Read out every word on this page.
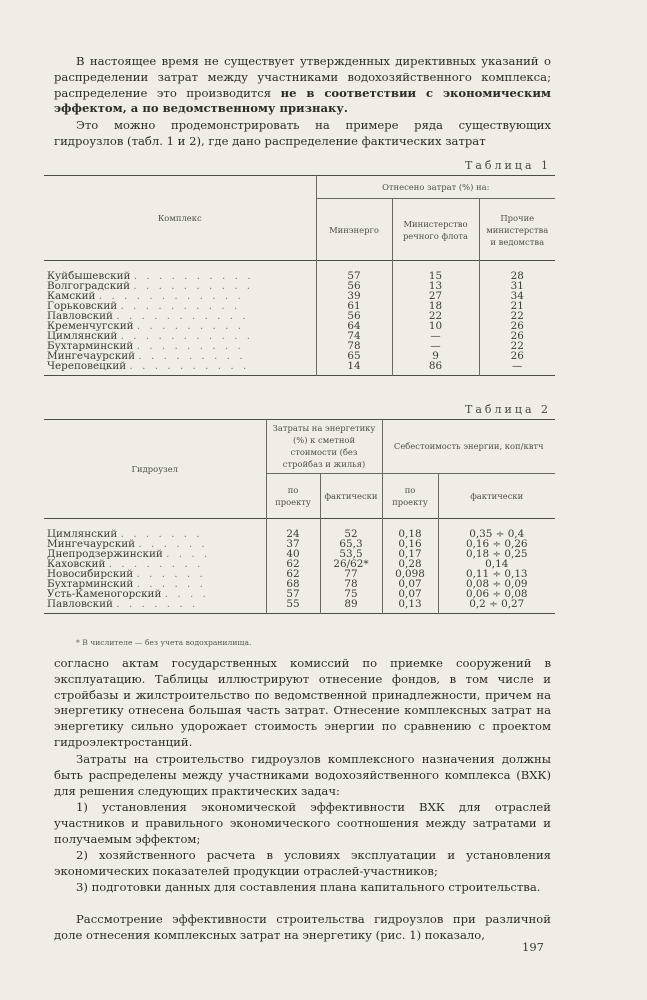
В настоящее время не существует утвержденных директивных указаний о распределении затрат между участниками водохозяйственного комплекса; распределение это производится не в соответствии с экономическим эффектом, а по ведомственному признаку.

Это можно продемонстрировать на примере ряда существующих гидроузлов (табл. 1 и 2), где дано распределение фактических затрат

Таблица 1
Комплекс	Отнесено затрат (%) на:		
	Минэнерго	Министерство речного флота	Прочие министерства и ведомства
Куйбышевский . . . . . . . . . .	57	15	28
Волгоградский . . . . . . . . . .	56	13	31
Камский . . . . . . . . . . . .	39	27	34
Горьковский . . . . . . . . . .	61	18	21
Павловский . . . . . . . . . . .	56	22	22
Кременчугский . . . . . . . . .	64	10	26
Цимлянский . . . . . . . . . . .	74	—	26
Бухтарминский . . . . . . . . .	78	—	22
Мингечаурский . . . . . . . . .	65	9	26
Череповецкий . . . . . . . . . .	14	86	—
Таблица 2
Гидроузел	Затраты на энергетику (%) к сметной стоимости (без стройбаз и жилья)		Себестоимость энергии, коп/квтч	
	по проекту	фактически	по проекту	фактически
Цимлянский . . . . . . .	24	52	0,18	0,35 ÷ 0,4
Мингечаурский . . . . . .	37	65,3	0,16	0,16 ÷ 0,26
Днепродзержинский . . . .	40	53,5	0,17	0,18 ÷ 0,25
Каховский . . . . . . . .	62	26/62*	0,28	0,14
Новосибирский . . . . . .	62	77	0,098	0,11 ÷ 0,13
Бухтарминский . . . . . .	68	78	0,07	0,08 ÷ 0,09
Усть-Каменогорский . . . .	57	75	0,07	0,06 ÷ 0,08
Павловский . . . . . . .	55	89	0,13	0,2 ÷ 0,27
* В числителе — без учета водохранилища.

согласно актам государственных комиссий по приемке сооружений в эксплуатацию. Таблицы иллюстрируют отнесение фондов, в том числе и стройбазы и жилстроительство по ведомственной принадлежности, причем на энергетику отнесена большая часть затрат. Отнесение комплексных затрат на энергетику сильно удорожает стоимость энергии по сравнению с проектом гидроэлектростанций.

Затраты на строительство гидроузлов комплексного назначения должны быть распределены между участниками водохозяйственного комплекса (ВХК) для решения следующих практических задач:

1) установления экономической эффективности ВХК для отраслей участников и правильного экономического соотношения между затратами и получаемым эффектом;

2) хозяйственного расчета в условиях эксплуатации и установления экономических показателей продукции отраслей-участников;

3) подготовки данных для составления плана капитального строительства.

Рассмотрение эффективности строительства гидроузлов при различной доле отнесения комплексных затрат на энергетику (рис. 1) показало,

197
